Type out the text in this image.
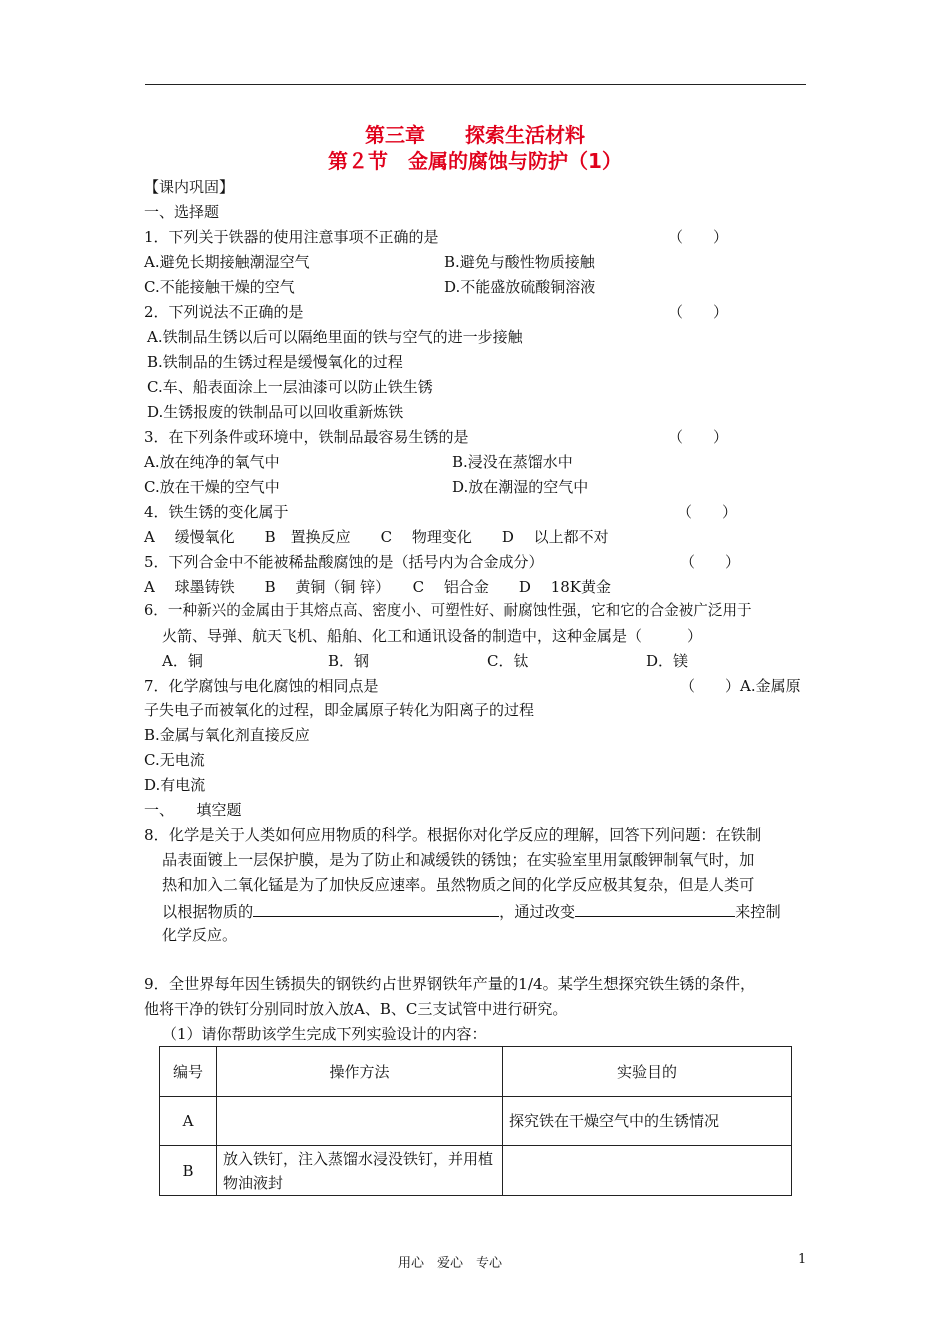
第三章　　探索生活材料
第２节　金属的腐蚀与防护（1）
【课内巩固】
一、选择题
1．下列关于铁器的使用注意事项不正确的是	（　　）
A.避免长期接触潮湿空气	B.避免与酸性物质接触
C.不能接触干燥的空气	D.不能盛放硫酸铜溶液
2．下列说法不正确的是	（　　）
A.铁制品生锈以后可以隔绝里面的铁与空气的进一步接触
B.铁制品的生锈过程是缓慢氧化的过程
C.车、船表面涂上一层油漆可以防止铁生锈
D.生锈报废的铁制品可以回收重新炼铁
3．在下列条件或环境中，铁制品最容易生锈的是	（　　）
A.放在纯净的氧气中	B.浸没在蒸馏水中
C.放在干燥的空气中	D.放在潮湿的空气中
4．铁生锈的变化属于	（　　）
A　 缓慢氧化　　B　置换反应　　C　 物理变化　　D　 以上都不对
5．下列合金中不能被稀盐酸腐蚀的是（括号内为合金成分）	（　　）
A　 球墨铸铁　　B　 黄铜（铜 锌）　　C　 铝合金　　D　 18K黄金
6．一种新兴的金属由于其熔点高、密度小、可塑性好、耐腐蚀性强，它和它的合金被广泛用于
火箭、导弹、航天飞机、船舶、化工和通讯设备的制造中，这种金属是（　　　）
A．铜	B．钢	C．钛	D．镁
7．化学腐蚀与电化腐蚀的相同点是	（　　）A.金属原
子失电子而被氧化的过程，即金属原子转化为阳离子的过程
B.金属与氧化剂直接反应
C.无电流
D.有电流
一、　　填空题
8．化学是关于人类如何应用物质的科学。根据你对化学反应的理解，回答下列问题：在铁制
品表面镀上一层保护膜，是为了防止和减缓铁的锈蚀；在实验室里用氯酸钾制氧气时，加
热和加入二氧化锰是为了加快反应速率。虽然物质之间的化学反应极其复杂，但是人类可
以根据物质的	，通过改变	来控制
化学反应。
9．全世界每年因生锈损失的钢铁约占世界钢铁年产量的1/4。某学生想探究铁生锈的条件，
他将干净的铁钉分别同时放入放A、B、C三支试管中进行研究。
（1）请你帮助该学生完成下列实验设计的内容：
编号	操作方法	实验目的
A		探究铁在干燥空气中的生锈情况
B	放入铁钉，注入蒸馏水浸没铁钉，并用植物油液封	
用心　爱心　专心	1
